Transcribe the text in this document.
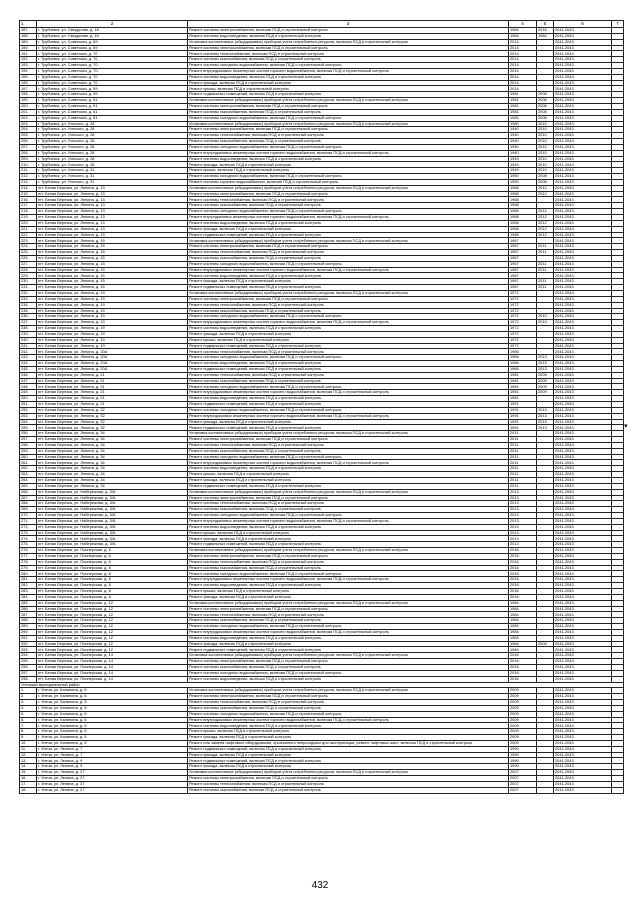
1	2	3	4	5	6	7
187.	г. Трубчевск, ул. Свердлова, д. 18	Ремонт системы электроснабжения, включая ПСД и строительный контроль	1984	2016	2041-2043	
188.	г. Трубчевск, ул. Свердлова, д. 18	Ремонт системы водоотведения, включая ПСД и строительный контроль	1984	1984	2041-2043	
189.	г. Трубчевск, ул. Советская, д. 69	Установка коллективных (общедомовых) приборов учета потребления ресурсов, включая ПСД и строительный контроль	2014		2041-2043	
190.	г. Трубчевск, ул. Советская, д. 69	Ремонт системы электроснабжения, включая ПСД и строительный контроль	2014		2041-2043	
191.	г. Трубчевск, ул. Советская, д. 70	Ремонт системы теплоснабжения, включая ПСД и строительный контроль	2014		2041-2043	
192.	г. Трубчевск, ул. Советская, д. 70	Ремонт системы газоснабжения, включая ПСД и строительный контроль	2014		2041-2043	
193.	г. Трубчевск, ул. Советская, д. 70	Ремонт системы холодного водоснабжения, включая ПСД и строительный контроль	2014		2041-2043	
194.	г. Трубчевск, ул. Советская, д. 70	Ремонт внутридомовых инженерных систем горячего водоснабжения, включая ПСД и строительный контроль	2014		2041-2043	
195.	г. Трубчевск, ул. Советская, д. 70	Ремонт системы водоотведения, включая ПСД и строительный контроль	2014		2041-2043	
196.	г. Трубчевск, ул. Советская, д. 70	Ремонт фасада, включая ПСД и строительный контроль	2014		2041-2043	
197.	г. Трубчевск, ул. Советская, д. 59	Ремонт крыши, включая ПСД и строительный контроль	2014		2041-2043	
198.	г. Трубчевск, ул. Советская, д. 59	Ремонт подвальных помещений, включая ПСД и строительный контроль	1981	2008	2041-2043	
199.	г. Трубчевск, ул. Советская, д. 61	Установка коллективных (общедомовых) приборов учета потребления ресурсов, включая ПСД и строительный контроль	1981	2008	2041-2043	
200.	г. Трубчевск, ул. Советская, д. 61	Ремонт системы электроснабжения, включая ПСД и строительный контроль	1981	2008	2041-2043	
201.	г. Трубчевск, ул. Советская, д. 61	Ремонт системы газоснабжения, включая ПСД и строительный контроль	1981	2008	2041-2043	
202.	г. Трубчевск, ул. Советская, д. 61	Ремонт системы холодного водоснабжения, включая ПСД и строительный контроль	1980	2008	2041-2043	
203.	г. Трубчевск, ул. Ухнского, д. 28	Установка коллективных (общедомовых) приборов учета потребления ресурсов, включая ПСД и строительный контроль	1980	2010	2041-2043	
204.	г. Трубчевск, ул. Ухнского, д. 28	Ремонт системы электроснабжения, включая ПСД и строительный контроль	1940	2010	2041-2043	
205.	г. Трубчевск, ул. Ухнского, д. 28	Ремонт системы теплоснабжения, включая ПСД и строительный контроль	1940	2010	2041-2043	
206.	г. Трубчевск, ул. Ухнского, д. 28	Ремонт системы газоснабжения, включая ПСД и строительный контроль	1940	2010	2041-2043	
207.	г. Трубчевск, ул. Ухнского, д. 28	Ремонт системы холодного водоснабжения, включая ПСД и строительный контроль	1940	2010	2041-2043	
208.	г. Трубчевск, ул. Ухнского, д. 28	Ремонт внутридомовых инженерных систем горячего водоснабжения, включая ПСД и строительный контроль	1940	2010	2041-2043	
209.	г. Трубчевск, ул. Ухнского, д. 28	Ремонт системы водоотведения, включая ПСД и строительный контроль	1949	2010	2041-2043	
210.	г. Трубчевск, ул. Ухнского, д. 28	Ремонт фасада, включая ПСД и строительный контроль	1949	2010	2041-2043	
211.	г. Трубчевск, ул. Ухнского, д. 31	Ремонт крыши, включая ПСД и строительный контроль	1949	2010	2041-2043	
212.	г. Трубчевск, ул. Ухнского, д. 31	Ремонт системы холодного водоснабжения, включая ПСД и строительный контроль	1950	2008	2041-2043	
213.	г. Трубчевск, ул. Ухнского, д. 31	Ремонт системы горячего водоснабжения, включая ПСД и строительный контроль	1950	2008	2041-2043	
214.	пгт. Белая Березка, ул. Ленина, д. 13	Установка коллективных (общедомовых) приборов учета потребления ресурсов, включая ПСД и строительный контроль	1968	2012	2041-2043	
215.	пгт. Белая Березка, ул. Ленина, д. 13	Ремонт системы электроснабжения, включая ПСД и строительный контроль	1968	2012	2041-2043	
216.	пгт. Белая Березка, ул. Ленина, д. 13	Ремонт системы теплоснабжения, включая ПСД и строительный контроль	1968		2041-2043	
217.	пгт. Белая Березка, ул. Ленина, д. 13	Ремонт системы газоснабжения, включая ПСД и строительный контроль	1968		2041-2043	
218.	пгт. Белая Березка, ул. Ленина, д. 13	Ремонт системы холодного водоснабжения, включая ПСД и строительный контроль	1968	2012	2041-2043	
219.	пгт. Белая Березка, ул. Ленина, д. 13	Ремонт внутридомовых инженерных систем горячего водоснабжения, включая ПСД и строительный контроль	1968	2012	2041-2043	
220.	пгт. Белая Березка, ул. Ленина, д. 13	Ремонт системы водоотведения, включая ПСД и строительный контроль	1968	2012	2041-2043	
221.	пгт. Белая Березка, ул. Ленина, д. 13	Ремонт фасада, включая ПСД и строительный контроль	1968	2012	2041-2043	
222.	пгт. Белая Березка, ул. Ленина, д. 13	Ремонт подвальных помещений, включая ПСД и строительный контроль	1968	2012	2041-2043	
223.	пгт. Белая Березка, ул. Ленина, д. 15	Установка коллективных (общедомовых) приборов учета потребления ресурсов, включая ПСД и строительный контроль	1967		2041-2043	
224.	пгт. Белая Березка, ул. Ленина, д. 15	Ремонт системы электроснабжения, включая ПСД и строительный контроль	1967	2011	2041-2043	
225.	пгт. Белая Березка, ул. Ленина, д. 15	Ремонт системы теплоснабжения, включая ПСД и строительный контроль	1967	2011	2041-2043	
226.	пгт. Белая Березка, ул. Ленина, д. 15	Ремонт системы газоснабжения, включая ПСД и строительный контроль	1967		2041-2043	
227.	пгт. Белая Березка, ул. Ленина, д. 15	Ремонт системы холодного водоснабжения, включая ПСД и строительный контроль	1967	2011	2041-2043	
228.	пгт. Белая Березка, ул. Ленина, д. 15	Ремонт внутридомовых инженерных систем горячего водоснабжения, включая ПСД и строительный контроль	1967	2011	2041-2043	
229.	пгт. Белая Березка, ул. Ленина, д. 15	Ремонт системы водоотведения, включая ПСД и строительный контроль	1967		2041-2043	
230.	пгт. Белая Березка, ул. Ленина, д. 15	Ремонт фасада, включая ПСД и строительный контроль	1967	2011	2041-2043	
231.	пгт. Белая Березка, ул. Ленина, д. 15	Ремонт подвальных помещений, включая ПСД и строительный контроль	1967	2011	2041-2043	
232.	пгт. Белая Березка, ул. Ленина, д. 19	Установка коллективных (общедомовых) приборов учета потребления ресурсов, включая ПСД и строительный контроль	1972		2041-2043	
233.	пгт. Белая Березка, ул. Ленина, д. 19	Ремонт системы электроснабжения, включая ПСД и строительный контроль	1972		2041-2043	
234.	пгт. Белая Березка, ул. Ленина, д. 19	Ремонт системы теплоснабжения, включая ПСД и строительный контроль	1972		2041-2043	
235.	пгт. Белая Березка, ул. Ленина, д. 19	Ремонт системы газоснабжения, включая ПСД и строительный контроль	1972		2041-2043	
236.	пгт. Белая Березка, ул. Ленина, д. 19	Ремонт системы холодного водоснабжения, включая ПСД и строительный контроль	1972	2010	2041-2043	
237.	пгт. Белая Березка, ул. Ленина, д. 19	Ремонт внутридомовых инженерных систем горячего водоснабжения, включая ПСД и строительный контроль	1972	2010	2041-2043	
238.	пгт. Белая Березка, ул. Ленина, д. 19	Ремонт системы водоотведения, включая ПСД и строительный контроль	1972		2041-2043	
239.	пгт. Белая Березка, ул. Ленина, д. 19	Ремонт фасада, включая ПСД и строительный контроль	1972		2041-2043	
240.	пгт. Белая Березка, ул. Ленина, д. 19	Ремонт крыши, включая ПСД и строительный контроль	1972		2041-2043	
241.	пгт. Белая Березка, ул. Ленина, д. 19	Ремонт подвальных помещений, включая ПСД и строительный контроль	1972		2041-2043	
242.	пгт. Белая Березка, ул. Ленина, д. 20А	Ремонт системы теплоснабжения, включая ПСД и строительный контроль	1966		2041-2043	
243.	пгт. Белая Березка, ул. Ленина, д. 20А	Ремонт системы холодного водоснабжения, включая ПСД и строительный контроль	1966	2013	2041-2043	
244.	пгт. Белая Березка, ул. Ленина, д. 20А	Ремонт системы водоотведения, включая ПСД и строительный контроль	1966	2013	2041-2043	
245.	пгт. Белая Березка, ул. Ленина, д. 20А	Ремонт подвальных помещений, включая ПСД и строительный контроль	1966	2013	2041-2043	
246.	пгт. Белая Березка, ул. Ленина, д. 21	Ремонт системы теплоснабжения, включая ПСД и строительный контроль	1981	2009	2041-2043	
247.	пгт. Белая Березка, ул. Ленина, д. 21	Ремонт системы газоснабжения, включая ПСД и строительный контроль	1981	2009	2041-2043	
248.	пгт. Белая Березка, ул. Ленина, д. 21	Ремонт системы холодного водоснабжения, включая ПСД и строительный контроль	1981	2009	2041-2043	
249.	пгт. Белая Березка, ул. Ленина, д. 21	Ремонт внутридомовых инженерных систем горячего водоснабжения, включая ПСД и строительный контроль	1981	2009	2041-2043	
250.	пгт. Белая Березка, ул. Ленина, д. 21	Ремонт системы водоотведения, включая ПСД и строительный контроль	1981		2041-2043	
251.	пгт. Белая Березка, ул. Ленина, д. 21	Ремонт подвальных помещений, включая ПСД и строительный контроль	1991		2041-2043	
252.	пгт. Белая Березка, ул. Ленина, д. 32	Ремонт системы холодного водоснабжения, включая ПСД и строительный контроль	1991	2013	2041-2043	
253.	пгт. Белая Березка, ул. Ленина, д. 32	Ремонт внутридомовых инженерных систем горячего водоснабжения, включая ПСД и строительный контроль	1991	2013	2041-2043	
254.	пгт. Белая Березка, ул. Ленина, д. 32	Ремонт фасада, включая ПСД и строительный контроль	1991	2013	2041-2043	
255.	пгт. Белая Березка, ул. Ленина, д. 32	Ремонт подвальных помещений, включая ПСД и строительный контроль	1991	2013	2041-2043	
256.	пгт. Белая Березка, ул. Ленина, д. 34	Установка коллективных (общедомовых) приборов учета потребления ресурсов, включая ПСД и строительный контроль	2011		2041-2043	
257.	пгт. Белая Березка, ул. Ленина, д. 34	Ремонт системы электроснабжения, включая ПСД и строительный контроль	2011		2041-2043	
258.	пгт. Белая Березка, ул. Ленина, д. 34	Ремонт системы теплоснабжения, включая ПСД и строительный контроль	2011		2041-2043	
259.	пгт. Белая Березка, ул. Ленина, д. 34	Ремонт системы газоснабжения, включая ПСД и строительный контроль	2011		2041-2043	
260.	пгт. Белая Березка, ул. Ленина, д. 34	Ремонт системы холодного водоснабжения, включая ПСД и строительный контроль	2011		2041-2043	
261.	пгт. Белая Березка, ул. Ленина, д. 34	Ремонт внутридомовых инженерных систем горячего водоснабжения, включая ПСД и строительный контроль	2011		2041-2043	
262.	пгт. Белая Березка, ул. Ленина, д. 34	Ремонт системы водоотведения, включая ПСД и строительный контроль	2011		2041-2043	
263.	пгт. Белая Березка, ул. Ленина, д. 34	Ремонт крыши, включая ПСД и строительный контроль	2011		2041-2043	
264.	пгт. Белая Березка, ул. Ленина, д. 34	Ремонт фасада, включая ПСД и строительный контроль	2011		2041-2043	
265.	пгт. Белая Березка, ул. Ленина, д. 34	Ремонт подвальных помещений, включая ПСД и строительный контроль	2011		2041-2043	
266.	пгт. Белая Березка, ул. Набережная, д. 3/А	Установка коллективных (общедомовых) приборов учета потребления ресурсов, включая ПСД и строительный контроль	2013		2041-2043	
267.	пгт. Белая Березка, ул. Набережная, д. 3/А	Ремонт системы электроснабжения, включая ПСД и строительный контроль	2013		2041-2043	
268.	пгт. Белая Березка, ул. Набережная, д. 3/А	Ремонт системы теплоснабжения, включая ПСД и строительный контроль	2013		2041-2043	
269.	пгт. Белая Березка, ул. Набережная, д. 3/А	Ремонт системы газоснабжения, включая ПСД и строительный контроль	2013		2041-2043	
270.	пгт. Белая Березка, ул. Набережная, д. 3/А	Ремонт системы холодного водоснабжения, включая ПСД и строительный контроль	2013		2041-2043	
271.	пгт. Белая Березка, ул. Набережная, д. 3/А	Ремонт внутридомовых инженерных систем горячего водоснабжения, включая ПСД и строительный контроль	2013		2041-2043	
272.	пгт. Белая Березка, ул. Набережная, д. 3/А	Ремонт системы водоотведения, включая ПСД и строительный контроль	2013		2041-2043	
273.	пгт. Белая Березка, ул. Набережная, д. 3/А	Ремонт крыши, включая ПСД и строительный контроль	2013		2041-2043	
274.	пгт. Белая Березка, ул. Набережная, д. 3/А	Ремонт фасада, включая ПСД и строительный контроль	2013		2041-2043	
275.	пгт. Белая Березка, ул. Набережная, д. 3/А	Ремонт подвальных помещений, включая ПСД и строительный контроль	2013		2041-2043	
276.	пгт. Белая Березка, ул. Пионерская, д. 6	Установка коллективных (общедомовых) приборов учета потребления ресурсов, включая ПСД и строительный контроль	2016		2041-2043	
277.	пгт. Белая Березка, ул. Пионерская, д. 6	Ремонт системы электроснабжения, включая ПСД и строительный контроль	2016		2041-2043	
278.	пгт. Белая Березка, ул. Пионерская, д. 6	Ремонт системы теплоснабжения, включая ПСД и строительный контроль	2016		2041-2043	
279.	пгт. Белая Березка, ул. Пионерская, д. 6	Ремонт системы газоснабжения, включая ПСД и строительный контроль	2016		2041-2043	
280.	пгт. Белая Березка, ул. Пионерская, д. 6	Ремонт системы холодного водоснабжения, включая ПСД и строительный контроль	2016		2041-2043	
281.	пгт. Белая Березка, ул. Пионерская, д. 6	Ремонт внутридомовых инженерных систем горячего водоснабжения, включая ПСД и строительный контроль	2016		2041-2043	
282.	пгт. Белая Березка, ул. Пионерская, д. 6	Ремонт системы водоотведения, включая ПСД и строительный контроль	2016		2041-2043	
283.	пгт. Белая Березка, ул. Пионерская, д. 6	Ремонт крыши, включая ПСД и строительный контроль	2016		2041-2043	
284.	пгт. Белая Березка, ул. Пионерская, д. 6	Ремонт фасада, включая ПСД и строительный контроль	2016		2041-2043	
285.	пгт. Белая Березка, ул. Пионерская, д. 12	Установка коллективных (общедомовых) приборов учета потребления ресурсов, включая ПСД и строительный контроль	1984		2041-2043	
286.	пгт. Белая Березка, ул. Пионерская, д. 12	Ремонт системы электроснабжения, включая ПСД и строительный контроль	1984		2041-2043	
287.	пгт. Белая Березка, ул. Пионерская, д. 12	Ремонт системы теплоснабжения, включая ПСД и строительный контроль	1984		2041-2043	
288.	пгт. Белая Березка, ул. Пионерская, д. 12	Ремонт системы газоснабжения, включая ПСД и строительный контроль	1984		2041-2043	
289.	пгт. Белая Березка, ул. Пионерская, д. 12	Ремонт системы холодного водоснабжения, включая ПСД и строительный контроль	1984		2041-2043	
290.	пгт. Белая Березка, ул. Пионерская, д. 12	Ремонт внутридомовых инженерных систем горячего водоснабжения, включая ПСД и строительный контроль	1984		2041-2043	
291.	пгт. Белая Березка, ул. Пионерская, д. 12	Ремонт системы водоотведения, включая ПСД и строительный контроль	1984		2041-2043	
292.	пгт. Белая Березка, ул. Пионерская, д. 12	Ремонт фасада, включая ПСД и строительный контроль	1984	2009	2041-2043	
293.	пгт. Белая Березка, ул. Пионерская, д. 12	Ремонт подвальных помещений, включая ПСД и строительный контроль	1984		2041-2043	
294.	пгт. Белая Березка, ул. Пионерская, д. 14	Установка коллективных (общедомовых) приборов учета потребления ресурсов, включая ПСД и строительный контроль	2016		2041-2043	
295.	пгт. Белая Березка, ул. Пионерская, д. 14	Ремонт системы электроснабжения, включая ПСД и строительный контроль	2016		2041-2043	
296.	пгт. Белая Березка, ул. Пионерская, д. 14	Ремонт системы газоснабжения, включая ПСД и строительный контроль	2016		2041-2043	
297.	пгт. Белая Березка, ул. Пионерская, д. 14	Ремонт системы холодного водоснабжения, включая ПСД и строительный контроль	2016		2041-2043	
298.	пгт. Белая Березка, ул. Пионерская, д. 14	Ремонт системы водоотведения, включая ПСД и строительный контроль	2016		2041-2043	
Унечский муниципальный район						
1.	г. Унеча, ул. Калинина, д. 6	Установка коллективных (общедомовых) приборов учета потребления ресурсов, включая ПСД и строительный контроль	2009		2041-2043	
2.	г. Унеча, ул. Калинина, д. 6	Ремонт системы электроснабжения, включая ПСД и строительный контроль	2009		2041-2043	
3.	г. Унеча, ул. Калинина, д. 6	Ремонт системы теплоснабжения, включая ПСД и строительный контроль	2009		2041-2043	
4.	г. Унеча, ул. Калинина, д. 6	Ремонт системы газоснабжения, включая ПСД и строительный контроль	2009		2041-2043	
5.	г. Унеча, ул. Калинина, д. 6	Ремонт системы холодного водоснабжения, включая ПСД и строительный контроль	2009		2041-2043	
6.	г. Унеча, ул. Калинина, д. 6	Ремонт внутридомовых инженерных систем горячего водоснабжения, включая ПСД и строительный контроль	2009		2041-2043	
7.	г. Унеча, ул. Калинина, д. 6	Ремонт системы водоотведения, включая ПСД и строительный контроль	2009		2041-2043	
8.	г. Унеча, ул. Калинина, д. 6	Ремонт крыши, включая ПСД и строительный контроль	2009		2041-2043	
9.	г. Унеча, ул. Калинина, д. 6	Ремонт фасада, включая ПСД и строительный контроль	2009		2041-2043	
10.	г. Унеча, ул. Калинина, д. 6	Ремонт или замена лифтового оборудования, признанного непригодным для эксплуатации, ремонт лифтовых шахт, включая ПСД и строительный контроль	2009		2041-2043	
11.	г. Унеча, ул. Ленина, д. 7	Ремонт подвальных помещений, включая ПСД и строительный контроль	1990		2041-2043	
12.	г. Унеча, ул. Ленина, д. 7	Ремонт фасада, включая ПСД и строительный контроль	1990		2041-2043	
13.	г. Унеча, ул. Ленина, д. 9	Ремонт подвальных помещений, включая ПСД и строительный контроль	1990		2041-2043	
14.	г. Унеча, ул. Ленина, д. 9	Ремонт фасада, включая ПСД и строительный контроль	1990		2041-2043	
15.	г. Унеча, ул. Ленина, д. 27	Установка коллективных (общедомовых) приборов учета потребления ресурсов, включая ПСД и строительный контроль	2007		2041-2043	
16.	г. Унеча, ул. Ленина, д. 27	Ремонт системы электроснабжения, включая ПСД и строительный контроль	2007		2041-2043	
17.	г. Унеча, ул. Ленина, д. 27	Ремонт системы теплоснабжения, включая ПСД и строительный контроль	2007		2041-2043	
18.	г. Унеча, ул. Ленина, д. 27	Ремонт системы газоснабжения, включая ПСД и строительный контроль	2007		2041-2043	
432
▾
